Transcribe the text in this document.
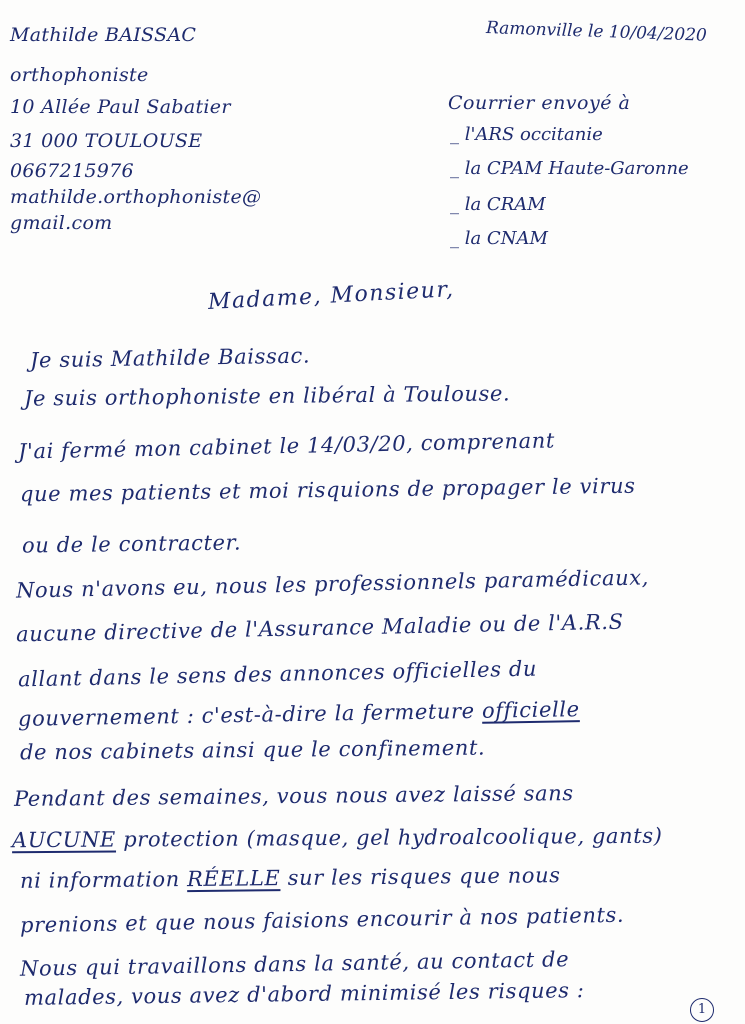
Mathilde BAISSAC
orthophoniste
10 Allée Paul Sabatier
31 000 TOULOUSE
0667215976
mathilde.orthophoniste@
gmail.com
Ramonville le 10/04/2020
Courrier envoyé à
_ l'ARS occitanie
_ la CPAM Haute-Garonne
_ la CRAM
_ la CNAM
Madame, Monsieur,
Je suis Mathilde Baissac.
Je suis orthophoniste en libéral à Toulouse.
J'ai fermé mon cabinet le 14/03/20, comprenant
que mes patients et moi risquions de propager le virus
ou de le contracter.
Nous n'avons eu, nous les professionnels paramédicaux,
aucune directive de l'Assurance Maladie ou de l'A.R.S
allant dans le sens des annonces officielles du
gouvernement : c'est-à-dire la fermeture officielle
de nos cabinets ainsi que le confinement.
Pendant des semaines, vous nous avez laissé sans
AUCUNE protection (masque, gel hydroalcoolique, gants)
ni information RÉELLE sur les risques que nous
prenions et que nous faisions encourir à nos patients.
Nous qui travaillons dans la santé, au contact de
malades, vous avez d'abord minimisé les risques :	1
